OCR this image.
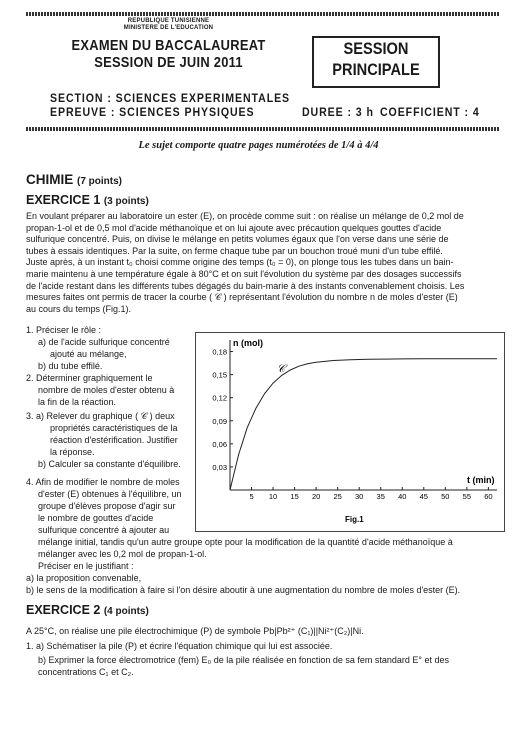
REPUBLIQUE TUNISIENNE
MINISTERE DE L'EDUCATION
EXAMEN DU BACCALAUREAT
SESSION DE JUIN 2011
SESSION
PRINCIPALE
SECTION : SCIENCES EXPERIMENTALES
EPREUVE : SCIENCES PHYSIQUES	DUREE : 3 h COEFFICIENT : 4
Le sujet comporte quatre pages numérotées de 1/4 à 4/4
CHIMIE (7 points)
EXERCICE 1 (3 points)
En voulant préparer au laboratoire un ester (E), on procède comme suit : on réalise un mélange de 0,2 mol de
propan-1-ol et de 0,5 mol d'acide méthanoïque et on lui ajoute avec précaution quelques gouttes d'acide
sulfurique concentré. Puis, on divise le mélange en petits volumes égaux que l'on verse dans une série de
tubes à essais identiques. Par la suite, on ferme chaque tube par un bouchon troué muni d'un tube effilé.
Juste après, à un instant t₀ choisi comme origine des temps (t₀ = 0), on plonge tous les tubes dans un bain-
marie maintenu à une température égale à 80°C et on suit l'évolution du système par des dosages successifs
de l'acide restant dans les différents tubes dégagés du bain-marie à des instants convenablement choisis. Les
mesures faites ont permis de tracer la courbe ( 𝒞 ) représentant l'évolution du nombre n de moles d'ester (E)
au cours du temps (Fig.1).
1. Préciser le rôle :
a) de l'acide sulfurique concentré
ajouté au mélange,
b) du tube effilé.
2. Déterminer graphiquement le
nombre de moles d'ester obtenu à
la fin de la réaction.
3. a) Relever du graphique ( 𝒞 ) deux
propriétés caractéristiques de la
réaction d'estérification. Justifier
la réponse.
b) Calculer sa constante d'équilibre.
4. Afin de modifier le nombre de moles
d'ester (E) obtenues à l'équilibre, un
groupe d'élèves propose d'agir sur
le nombre de gouttes d'acide
sulfurique concentré à ajouter au
mélange initial, tandis qu'un autre groupe opte pour la modification de la quantité d'acide méthanoïque à
mélanger avec les 0,2 mol de propan-1-ol.
Préciser en le justifiant :
a) la proposition convenable,
b) le sens de la modification à faire si l'on désire aboutir à une augmentation du nombre de moles d'ester (E).
5 10 15 20 25 30 35 40 45 50 55 60
0,03
0,06
0,09
0,12
0,15
0,18
n (mol)
t (min)
𝒞
Fig.1
EXERCICE 2 (4 points)
A 25°C, on réalise une pile électrochimique (P) de symbole Pb|Pb²⁺ (C₁)||Ni²⁺(C₂)|Ni.
1. a) Schématiser la pile (P) et écrire l'équation chimique qui lui est associée.
b) Exprimer la force électromotrice (fem) E₀ de la pile réalisée en fonction de sa fem standard E° et des
concentrations C₁ et C₂.
